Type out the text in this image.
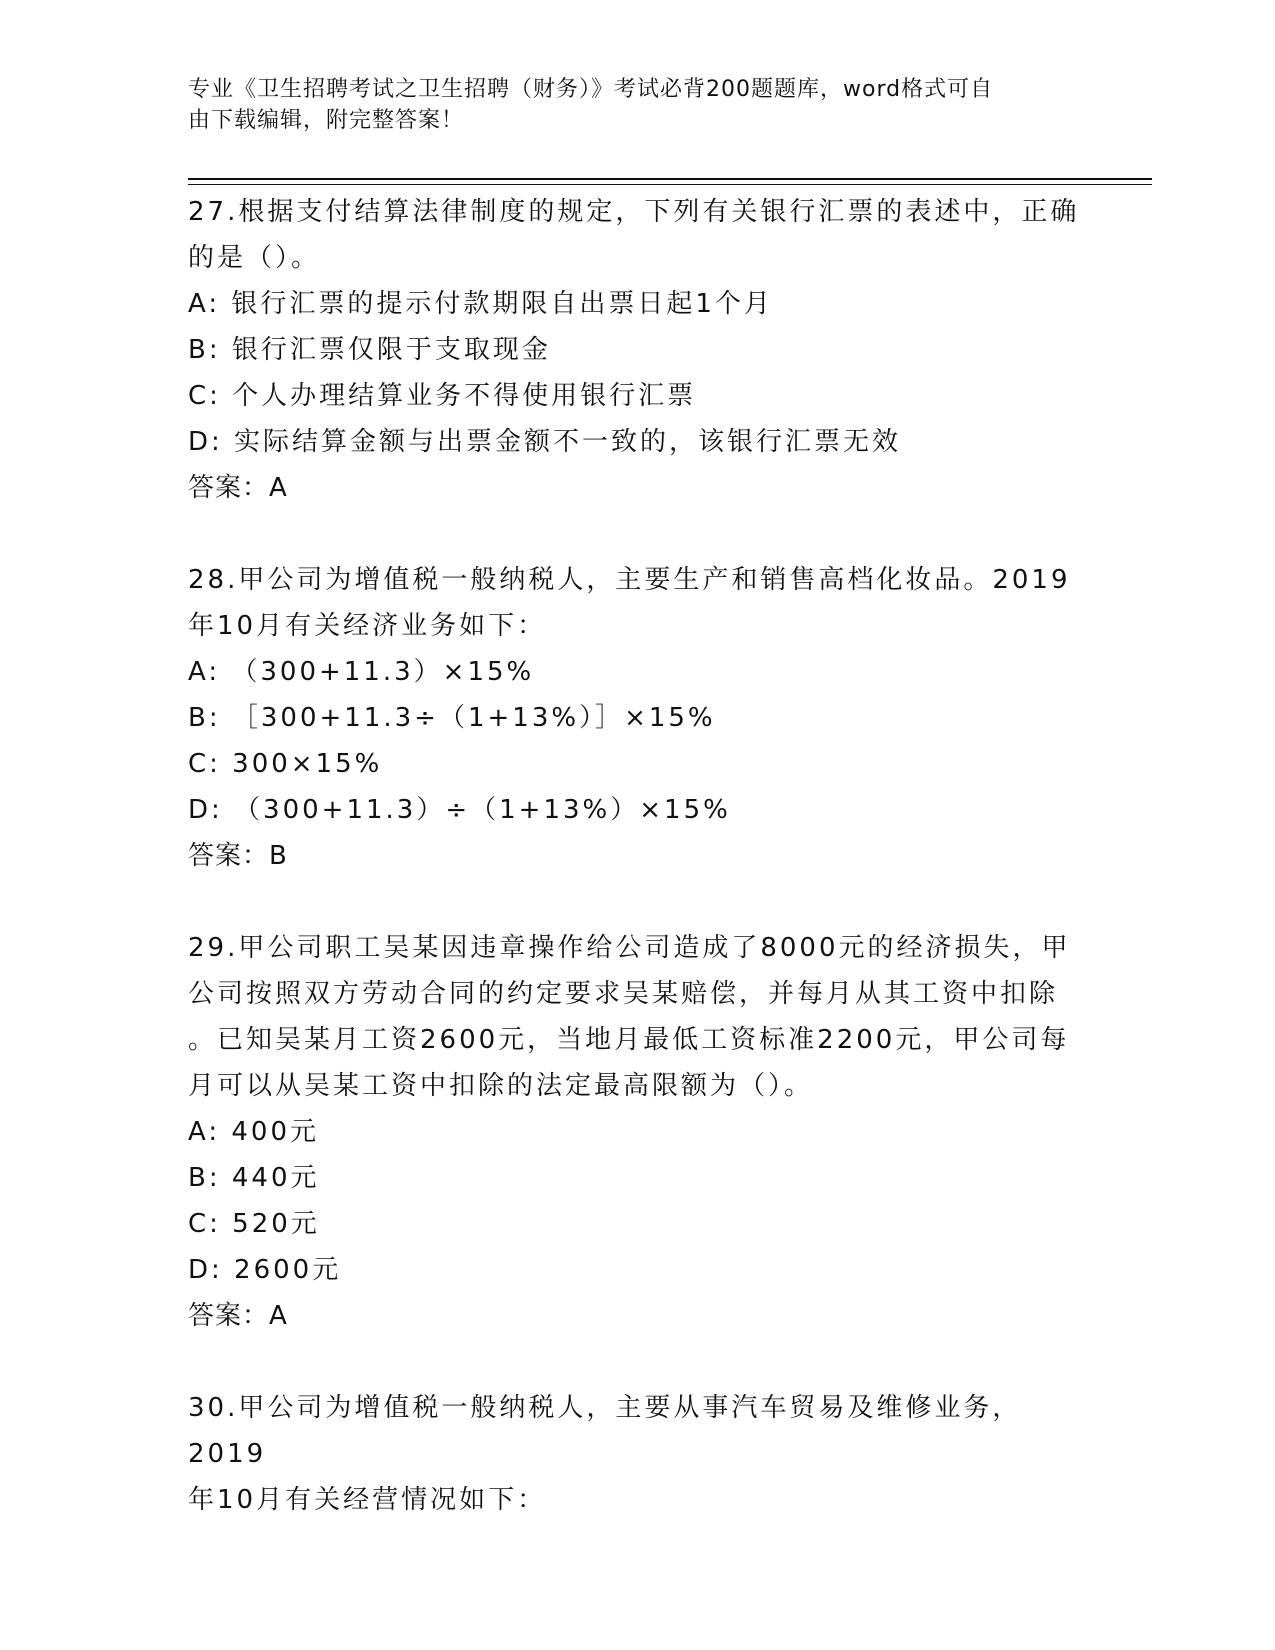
专业《卫生招聘考试之卫生招聘（财务）》考试必背200题题库，word格式可自
由下载编辑，附完整答案！
27.根据支付结算法律制度的规定，下列有关银行汇票的表述中，正确
的是（）。
A: 银行汇票的提示付款期限自出票日起1个月
B: 银行汇票仅限于支取现金
C: 个人办理结算业务不得使用银行汇票
D: 实际结算金额与出票金额不一致的，该银行汇票无效
答案：A
28.甲公司为增值税一般纳税人，主要生产和销售高档化妆品。2019
年10月有关经济业务如下：
A: （300+11.3）×15%
B: ［300+11.3÷（1+13%）］×15%
C: 300×15%
D: （300+11.3）÷（1+13%）×15%
答案：B
29.甲公司职工吴某因违章操作给公司造成了8000元的经济损失，甲
公司按照双方劳动合同的约定要求吴某赔偿，并每月从其工资中扣除
。已知吴某月工资2600元，当地月最低工资标准2200元，甲公司每
月可以从吴某工资中扣除的法定最高限额为（）。
A: 400元
B: 440元
C: 520元
D: 2600元
答案：A
30.甲公司为增值税一般纳税人，主要从事汽车贸易及维修业务，2019
年10月有关经营情况如下：
